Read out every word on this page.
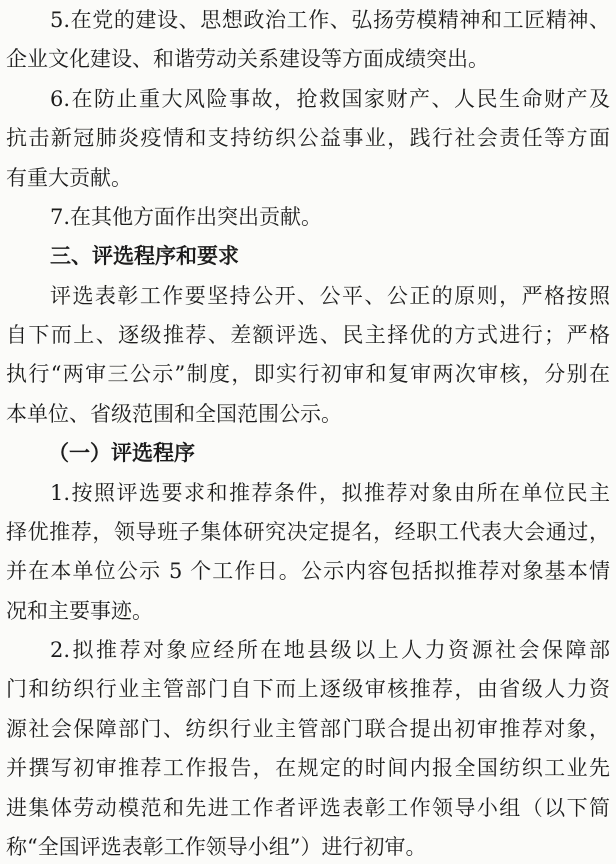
5.在党的建设、思想政治工作、弘扬劳模精神和工匠精神、
企业文化建设、和谐劳动关系建设等方面成绩突出。
6.在防止重大风险事故，抢救国家财产、人民生命财产及
抗击新冠肺炎疫情和支持纺织公益事业，践行社会责任等方面
有重大贡献。
7.在其他方面作出突出贡献。
三、评选程序和要求
评选表彰工作要坚持公开、公平、公正的原则，严格按照
自下而上、逐级推荐、差额评选、民主择优的方式进行；严格
执行“两审三公示”制度，即实行初审和复审两次审核，分别在
本单位、省级范围和全国范围公示。
（一）评选程序
1.按照评选要求和推荐条件，拟推荐对象由所在单位民主
择优推荐，领导班子集体研究决定提名，经职工代表大会通过，
并在本单位公示 5 个工作日。公示内容包括拟推荐对象基本情
况和主要事迹。
2.拟推荐对象应经所在地县级以上人力资源社会保障部
门和纺织行业主管部门自下而上逐级审核推荐，由省级人力资
源社会保障部门、纺织行业主管部门联合提出初审推荐对象，
并撰写初审推荐工作报告，在规定的时间内报全国纺织工业先
进集体劳动模范和先进工作者评选表彰工作领导小组（以下简
称“全国评选表彰工作领导小组”）进行初审。
